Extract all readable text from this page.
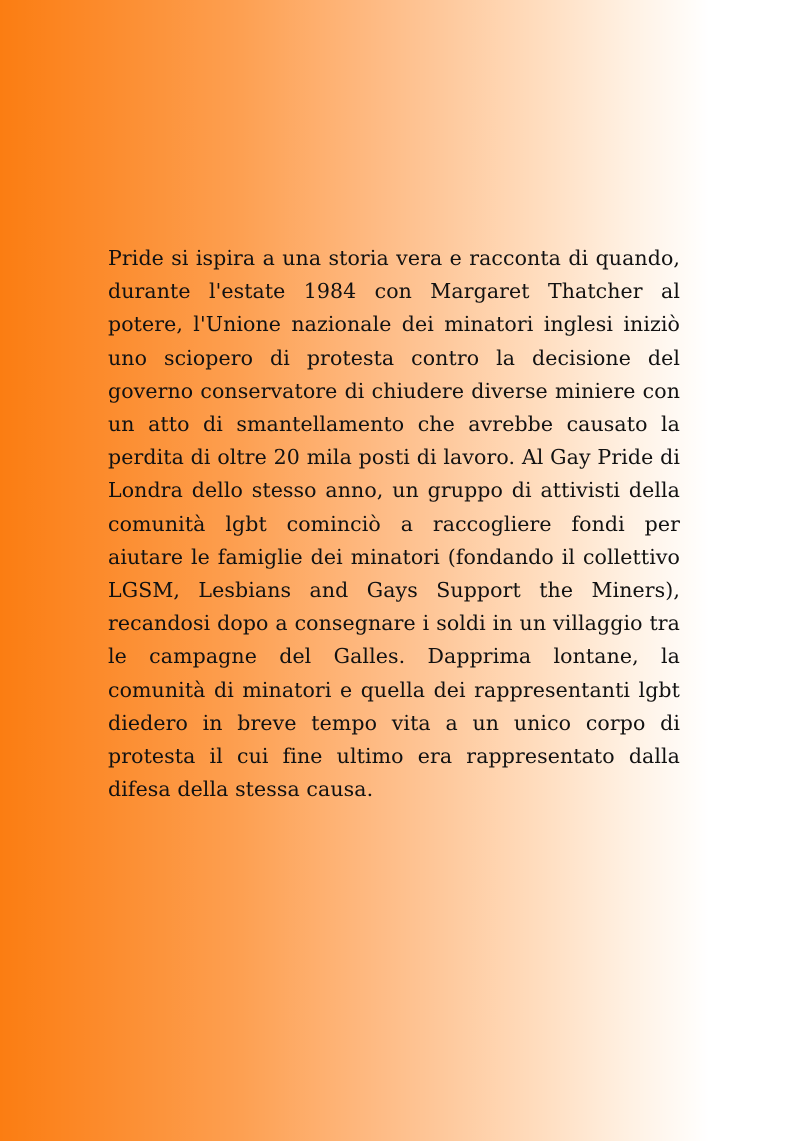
Pride si ispira a una storia vera e racconta di quando, durante l'estate 1984 con Margaret Thatcher al potere, l'Unione nazionale dei minatori inglesi iniziò uno sciopero di protesta contro la decisione del governo conservatore di chiudere diverse miniere con un atto di smantellamento che avrebbe causato la perdita di oltre 20 mila posti di lavoro. Al Gay Pride di Londra dello stesso anno, un gruppo di attivisti della comunità lgbt cominciò a raccogliere fondi per aiutare le famiglie dei minatori (fondando il collettivo LGSM, Lesbians and Gays Support the Miners), recandosi dopo a consegnare i soldi in un villaggio tra le campagne del Galles. Dapprima lontane, la comunità di minatori e quella dei rappresentanti lgbt diedero in breve tempo vita a un unico corpo di protesta il cui fine ultimo era rappresentato dalla difesa della stessa causa.
